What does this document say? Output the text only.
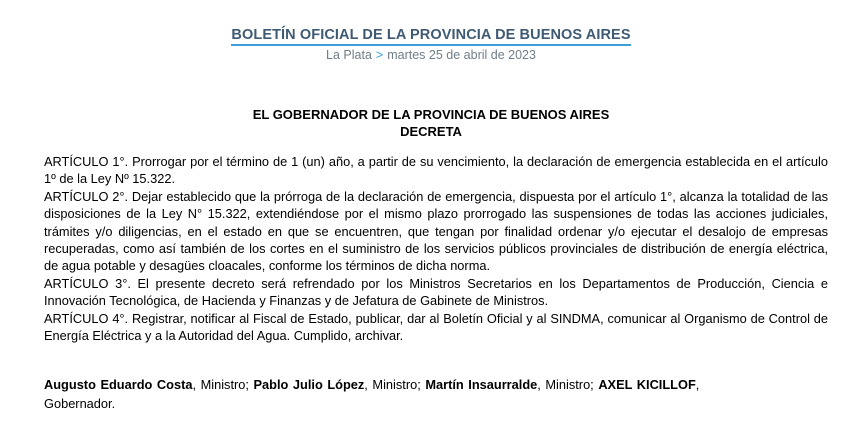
BOLETÍN OFICIAL DE LA PROVINCIA DE BUENOS AIRES
La Plata > martes 25 de abril de 2023
EL GOBERNADOR DE LA PROVINCIA DE BUENOS AIRES
DECRETA

ARTÍCULO 1°. Prorrogar por el término de 1 (un) año, a partir de su vencimiento, la declaración de emergencia establecida en el artículo 1º de la Ley Nº 15.322.

ARTÍCULO 2°. Dejar establecido que la prórroga de la declaración de emergencia, dispuesta por el artículo 1°, alcanza la totalidad de las disposiciones de la Ley N° 15.322, extendiéndose por el mismo plazo prorrogado las suspensiones de todas las acciones judiciales, trámites y/o diligencias, en el estado en que se encuentren, que tengan por finalidad ordenar y/o ejecutar el desalojo de empresas recuperadas, como así también de los cortes en el suministro de los servicios públicos provinciales de distribución de energía eléctrica, de agua potable y desagües cloacales, conforme los términos de dicha norma.

ARTÍCULO 3°. El presente decreto será refrendado por los Ministros Secretarios en los Departamentos de Producción, Ciencia e Innovación Tecnológica, de Hacienda y Finanzas y de Jefatura de Gabinete de Ministros.

ARTÍCULO 4°. Registrar, notificar al Fiscal de Estado, publicar, dar al Boletín Oficial y al SINDMA, comunicar al Organismo de Control de Energía Eléctrica y a la Autoridad del Agua. Cumplido, archivar.

Augusto Eduardo Costa, Ministro; Pablo Julio López, Ministro; Martín Insaurralde, Ministro; AXEL KICILLOF,
Gobernador.
